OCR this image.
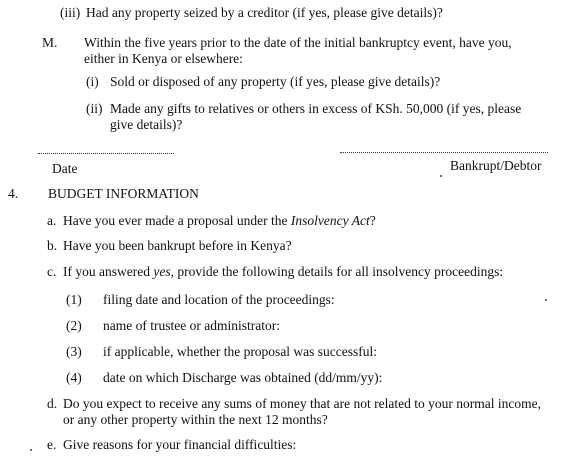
(iii) Had any property seized by a creditor (if yes, please give details)?
M. Within the five years prior to the date of the initial bankruptcy event, have you,
either in Kenya or elsewhere:
(i) Sold or disposed of any property (if yes, please give details)?
(ii) Made any gifts to relatives or others in excess of KSh. 50,000 (if yes, please
give details)?
Date	Bankrupt/Debtor
4. BUDGET INFORMATION
a. Have you ever made a proposal under the Insolvency Act?
b. Have you been bankrupt before in Kenya?
c. If you answered yes, provide the following details for all insolvency proceedings:
(1) filing date and location of the proceedings:
(2) name of trustee or administrator:
(3) if applicable, whether the proposal was successful:
(4) date on which Discharge was obtained (dd/mm/yy):
d. Do you expect to receive any sums of money that are not related to your normal income,
or any other property within the next 12 months?
e. Give reasons for your financial difficulties:
